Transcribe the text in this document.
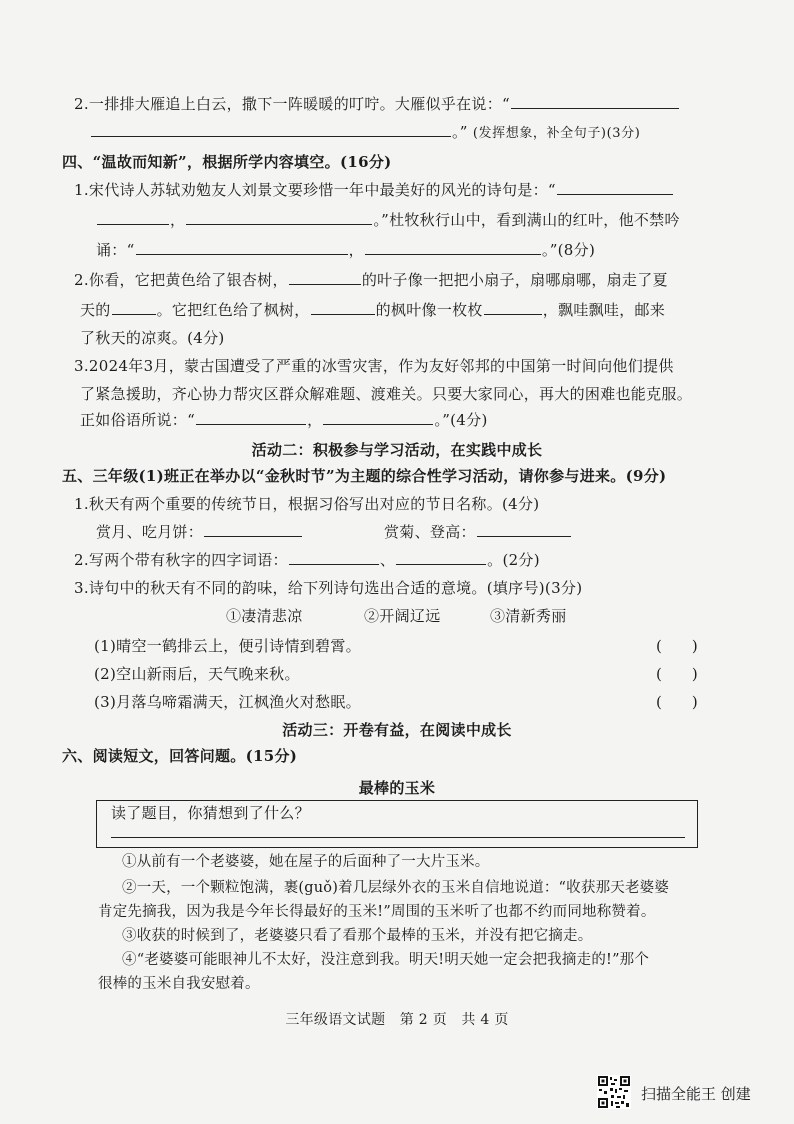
2.一排排大雁追上白云，撒下一阵暖暖的叮咛。大雁似乎在说：“
。” (发挥想象，补全句子)(3分)
四、“温故而知新”，根据所学内容填空。(16分)
1.宋代诗人苏轼劝勉友人刘景文要珍惜一年中最美好的风光的诗句是：“
，	。”杜牧秋行山中，看到满山的红叶，他不禁吟
诵：“	，	。”(8分)
2.你看，它把黄色给了银杏树，	的叶子像一把把小扇子，扇哪扇哪，扇走了夏
天的	。它把红色给了枫树，	的枫叶像一枚枚	，飘哇飘哇，邮来
了秋天的凉爽。(4分)
3.2024年3月，蒙古国遭受了严重的冰雪灾害，作为友好邻邦的中国第一时间向他们提供
了紧急援助，齐心协力帮灾区群众解难题、渡难关。只要大家同心，再大的困难也能克服。
正如俗语所说：“	，	。”(4分)
活动二：积极参与学习活动，在实践中成长
五、三年级(1)班正在举办以“金秋时节”为主题的综合性学习活动，请你参与进来。(9分)
1.秋天有两个重要的传统节日，根据习俗写出对应的节日名称。(4分)
赏月、吃月饼：	赏菊、登高：
2.写两个带有秋字的四字词语：	、	。(2分)
3.诗句中的秋天有不同的韵味，给下列诗句选出合适的意境。(填序号)(3分)
①凄清悲凉	②开阔辽远	③清新秀丽
(1)晴空一鹤排云上，便引诗情到碧霄。	(　　)
(2)空山新雨后，天气晚来秋。	(　　)
(3)月落乌啼霜满天，江枫渔火对愁眠。	(　　)
活动三：开卷有益，在阅读中成长
六、阅读短文，回答问题。(15分)
最棒的玉米
读了题目，你猜想到了什么？
①从前有一个老婆婆，她在屋子的后面种了一大片玉米。
②一天，一个颗粒饱满，裹(guǒ)着几层绿外衣的玉米自信地说道：“收获那天老婆婆
肯定先摘我，因为我是今年长得最好的玉米!”周围的玉米听了也都不约而同地称赞着。
③收获的时候到了，老婆婆只看了看那个最棒的玉米，并没有把它摘走。
④“老婆婆可能眼神儿不太好，没注意到我。明天!明天她一定会把我摘走的!”那个
很棒的玉米自我安慰着。
三年级语文试题　第 2 页　共 4 页
扫描全能王 创建
